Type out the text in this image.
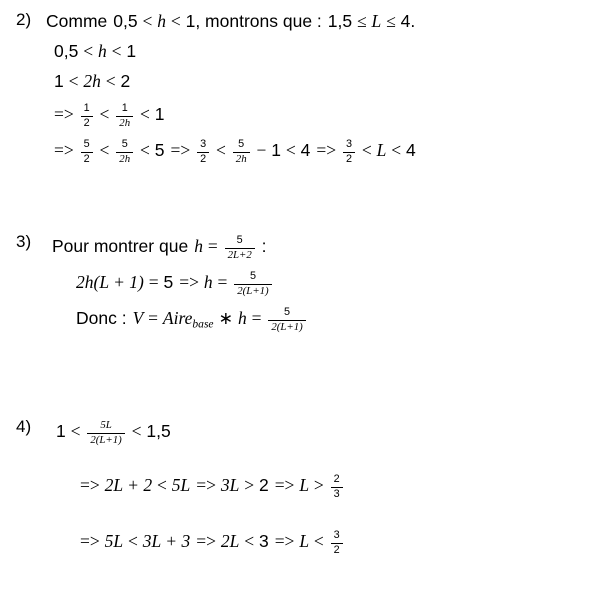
2) Comme 0,5 < h < 1, montrons que : 1,5 ≤ L ≤ 4.
0,5 < h < 1
1 < 2h < 2
=> $\frac{1}{2} < \frac{1}{2h} < 1$
=> $\frac{5}{2} < \frac{5}{2h} < 5 => \frac{3}{2} < \frac{5}{2h} - 1 < 4 => \frac{3}{2} < L < 4$
3)	Pour montrer que $h = \frac{5}{2L+2}$ :
$2h(L + 1) = 5 => h = \frac{5}{2(L+1)}$
Donc : V = Aire$_{base}$ ∗ $h = \frac{5}{2(L+1)}$
4)	$1 < \frac{5L}{2(L+1)} < 1,5$
=> $2L + 2 < 5L => 3L > 2 => L > \frac{2}{3}$
=> $5L < 3L + 3 => 2L < 3 => L < \frac{3}{2}$
